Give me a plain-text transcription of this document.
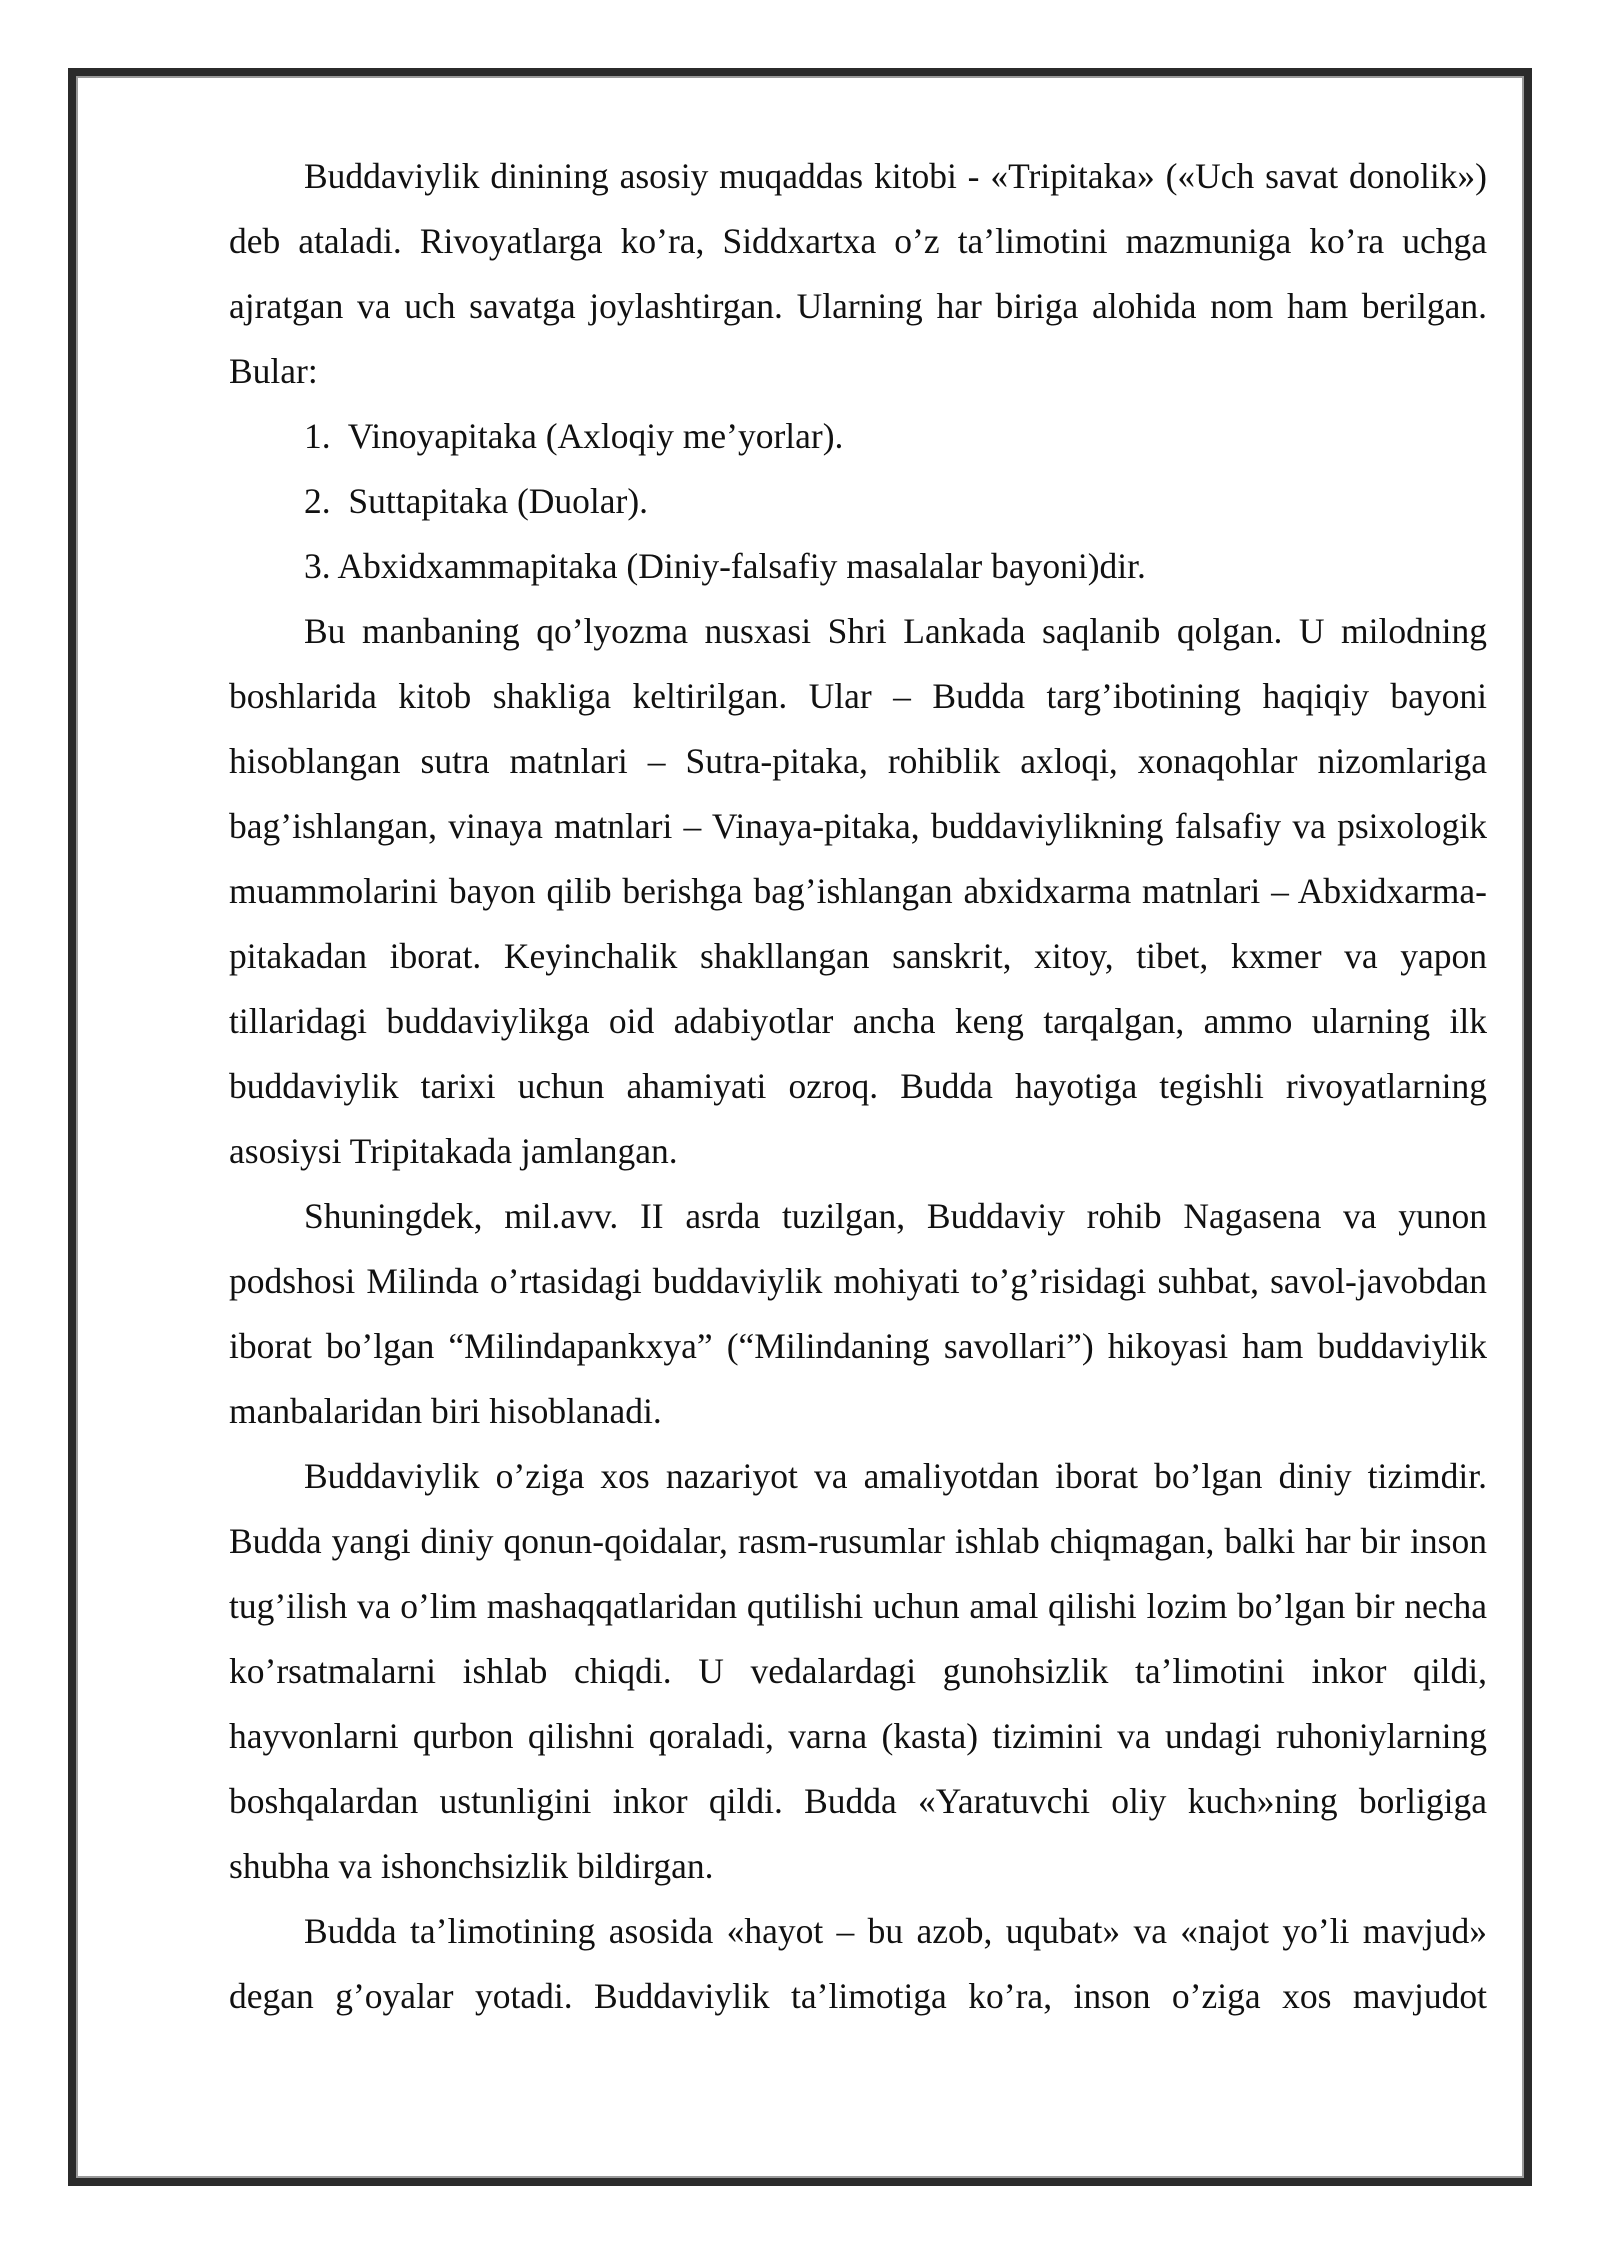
Buddaviylik dinining asosiy muqaddas kitobi - «Tripitaka» («Uch savat donolik») deb ataladi. Rivoyatlarga ko’ra, Siddxartxa o’z ta’limotini mazmuniga ko’ra uchga ajratgan va uch savatga joylashtirgan. Ularning har biriga alohida nom ham berilgan. Bular:

1. Vinoyapitaka (Axloqiy me’yorlar).

2. Suttapitaka (Duolar).

3. Abxidxammapitaka (Diniy-falsafiy masalalar bayoni)dir.

Bu manbaning qo’lyozma nusxasi Shri Lankada saqlanib qolgan. U milodning boshlarida kitob shakliga keltirilgan. Ular – Budda targ’ibotining haqiqiy bayoni hisoblangan sutra matnlari – Sutra-pitaka, rohiblik axloqi, xonaqohlar nizomlariga bag’ishlangan, vinaya matnlari – Vinaya-pitaka, buddaviylikning falsafiy va psixologik muammolarini bayon qilib berishga bag’ishlangan abxidxarma matnlari – Abxidxarma-pitakadan iborat. Keyinchalik shakllangan sanskrit, xitoy, tibet, kxmer va yapon tillaridagi buddaviylikga oid adabiyotlar ancha keng tarqalgan, ammo ularning ilk buddaviylik tarixi uchun ahamiyati ozroq. Budda hayotiga tegishli rivoyatlarning asosiysi Tripitakada jamlangan.

Shuningdek, mil.avv. II asrda tuzilgan, Buddaviy rohib Nagasena va yunon podshosi Milinda o’rtasidagi buddaviylik mohiyati to’g’risidagi suhbat, savol-javobdan iborat bo’lgan “Milindapankxya” (“Milindaning savollari”) hikoyasi ham buddaviylik manbalaridan biri hisoblanadi.

Buddaviylik o’ziga xos nazariyot va amaliyotdan iborat bo’lgan diniy tizimdir. Budda yangi diniy qonun-qoidalar, rasm-rusumlar ishlab chiqmagan, balki har bir inson tug’ilish va o’lim mashaqqatlaridan qutilishi uchun amal qilishi lozim bo’lgan bir necha ko’rsatmalarni ishlab chiqdi. U vedalardagi gunohsizlik ta’limotini inkor qildi, hayvonlarni qurbon qilishni qoraladi, varna (kasta) tizimini va undagi ruhoniylarning boshqalardan ustunligini inkor qildi. Budda «Yaratuvchi oliy kuch»ning borligiga shubha va ishonchsizlik bildirgan.

Budda ta’limotining asosida «hayot – bu azob, uqubat» va «najot yo’li mavjud» degan g’oyalar yotadi. Buddaviylik ta’limotiga ko’ra, inson o’ziga xos mavjudot
